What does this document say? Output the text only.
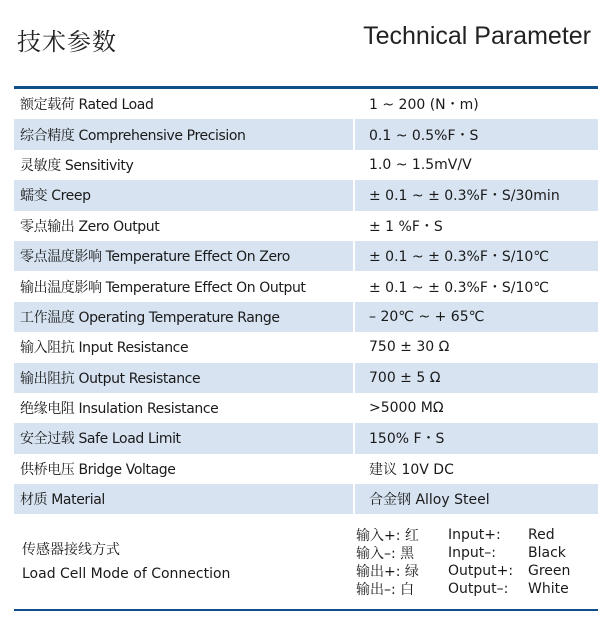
技术参数	Technical Parameter
额定载荷 Rated Load	1 ~ 200 (N・m)
综合精度 Comprehensive Precision	0.1 ~ 0.5%F・S
灵敏度 Sensitivity	1.0 ~ 1.5mV/V
蠕变 Creep	± 0.1 ~ ± 0.3%F・S/30min
零点输出 Zero Output	± 1 %F・S
零点温度影响 Temperature Effect On Zero	± 0.1 ~ ± 0.3%F・S/10℃
输出温度影响 Temperature Effect On Output	± 0.1 ~ ± 0.3%F・S/10℃
工作温度 Operating Temperature Range	– 20℃ ~ + 65℃
输入阻抗 Input Resistance	750 ± 30 Ω
输出阻抗 Output Resistance	700 ± 5 Ω
绝缘电阻 Insulation Resistance	>5000 MΩ
安全过载 Safe Load Limit	150% F・S
供桥电压 Bridge Voltage	建议 10V DC
材质 Material	合金钢 Alloy Steel
传感器接线方式
Load Cell Mode of Connection
输入+: 红	Input+:	Red
输入–: 黑	Input–:	Black
输出+: 绿	Output+:	Green
输出–: 白	Output–:	White
